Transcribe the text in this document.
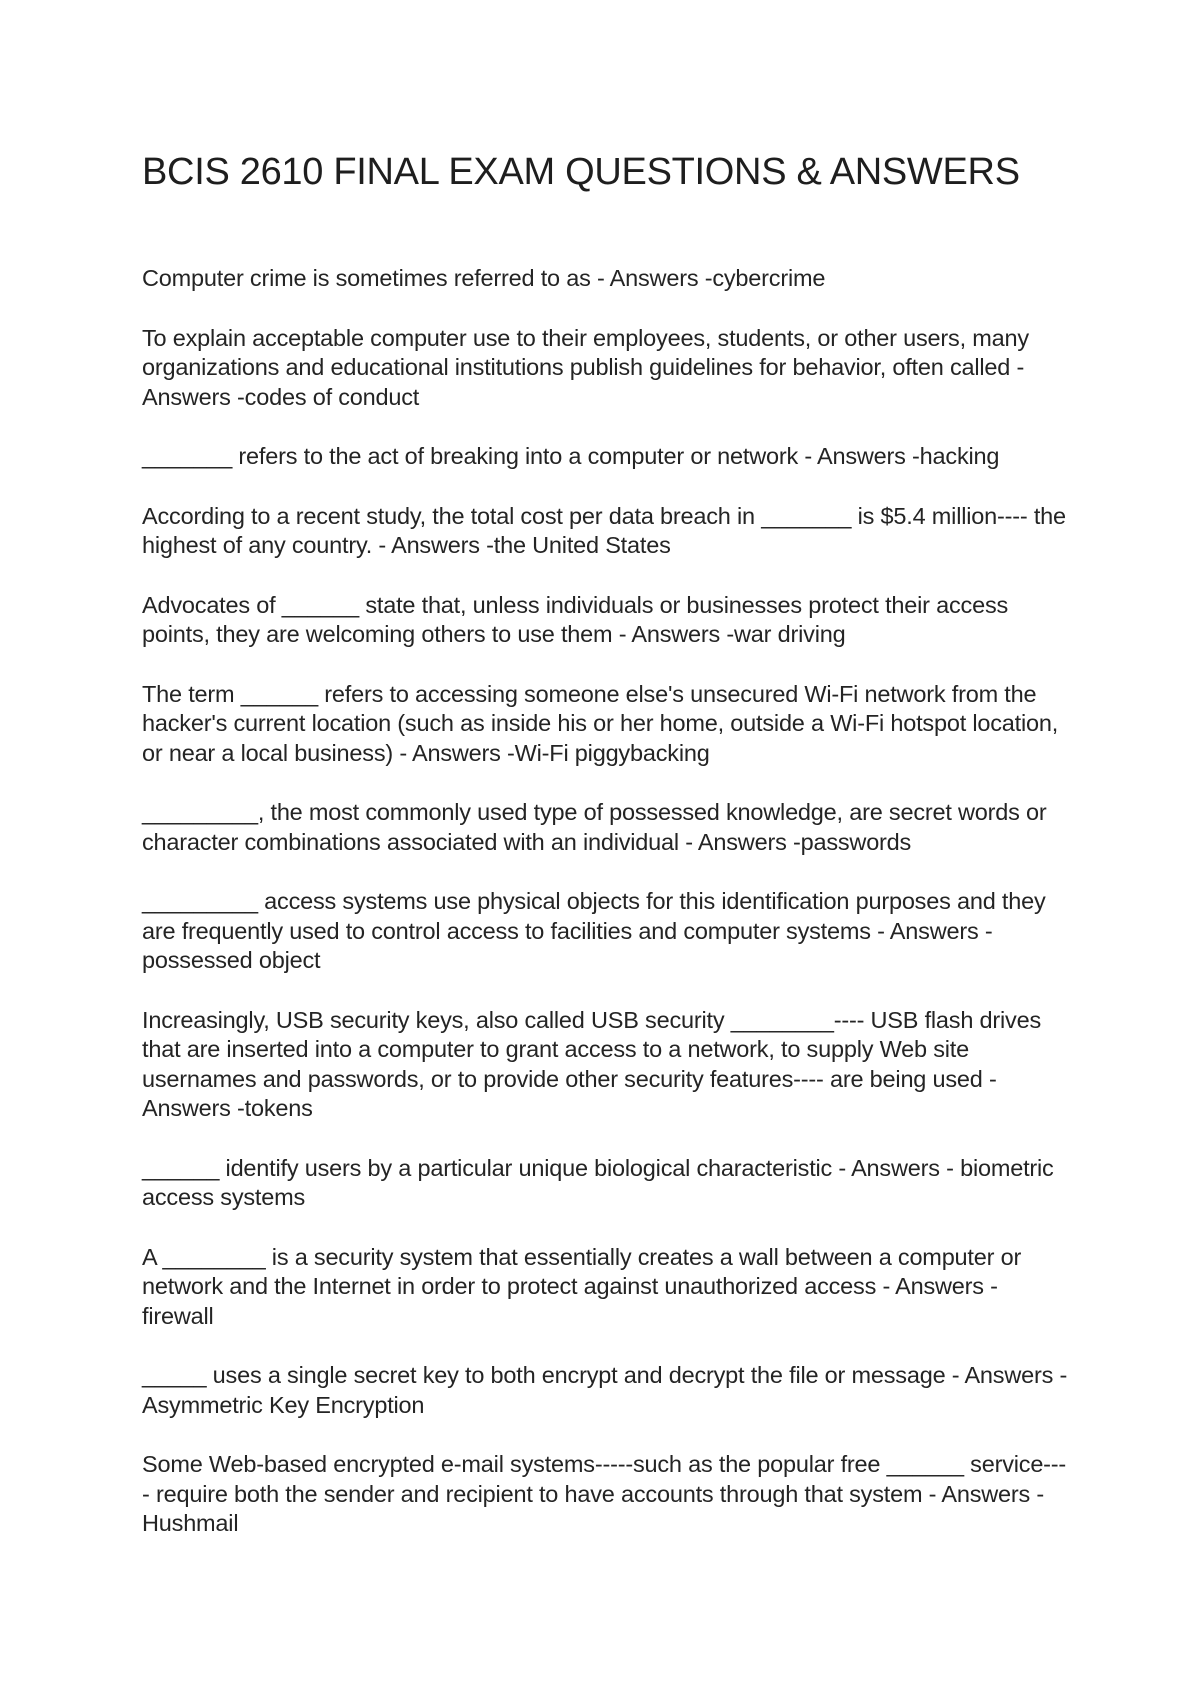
BCIS 2610 FINAL EXAM QUESTIONS & ANSWERS

Computer crime is sometimes referred to as - Answers -cybercrime

To explain acceptable computer use to their employees, students, or other users, many organizations and educational institutions publish guidelines for behavior, often called - Answers -codes of conduct

_______ refers to the act of breaking into a computer or network - Answers -hacking

According to a recent study, the total cost per data breach in _______ is $5.4 million---- the highest of any country. - Answers -the United States

Advocates of ______ state that, unless individuals or businesses protect their access points, they are welcoming others to use them - Answers -war driving

The term ______ refers to accessing someone else's unsecured Wi-Fi network from the hacker's current location (such as inside his or her home, outside a Wi-Fi hotspot location, or near a local business) - Answers -Wi-Fi piggybacking

_________, the most commonly used type of possessed knowledge, are secret words or character combinations associated with an individual - Answers -passwords

_________ access systems use physical objects for this identification purposes and they are frequently used to control access to facilities and computer systems - Answers -possessed object

Increasingly, USB security keys, also called USB security ________---- USB flash drives that are inserted into a computer to grant access to a network, to supply Web site usernames and passwords, or to provide other security features---- are being used - Answers -tokens

______ identify users by a particular unique biological characteristic - Answers - biometric access systems

A ________ is a security system that essentially creates a wall between a computer or network and the Internet in order to protect against unauthorized access - Answers - firewall

_____ uses a single secret key to both encrypt and decrypt the file or message - Answers -Asymmetric Key Encryption

Some Web-based encrypted e-mail systems-----such as the popular free ______ service---- require both the sender and recipient to have accounts through that system - Answers -Hushmail
